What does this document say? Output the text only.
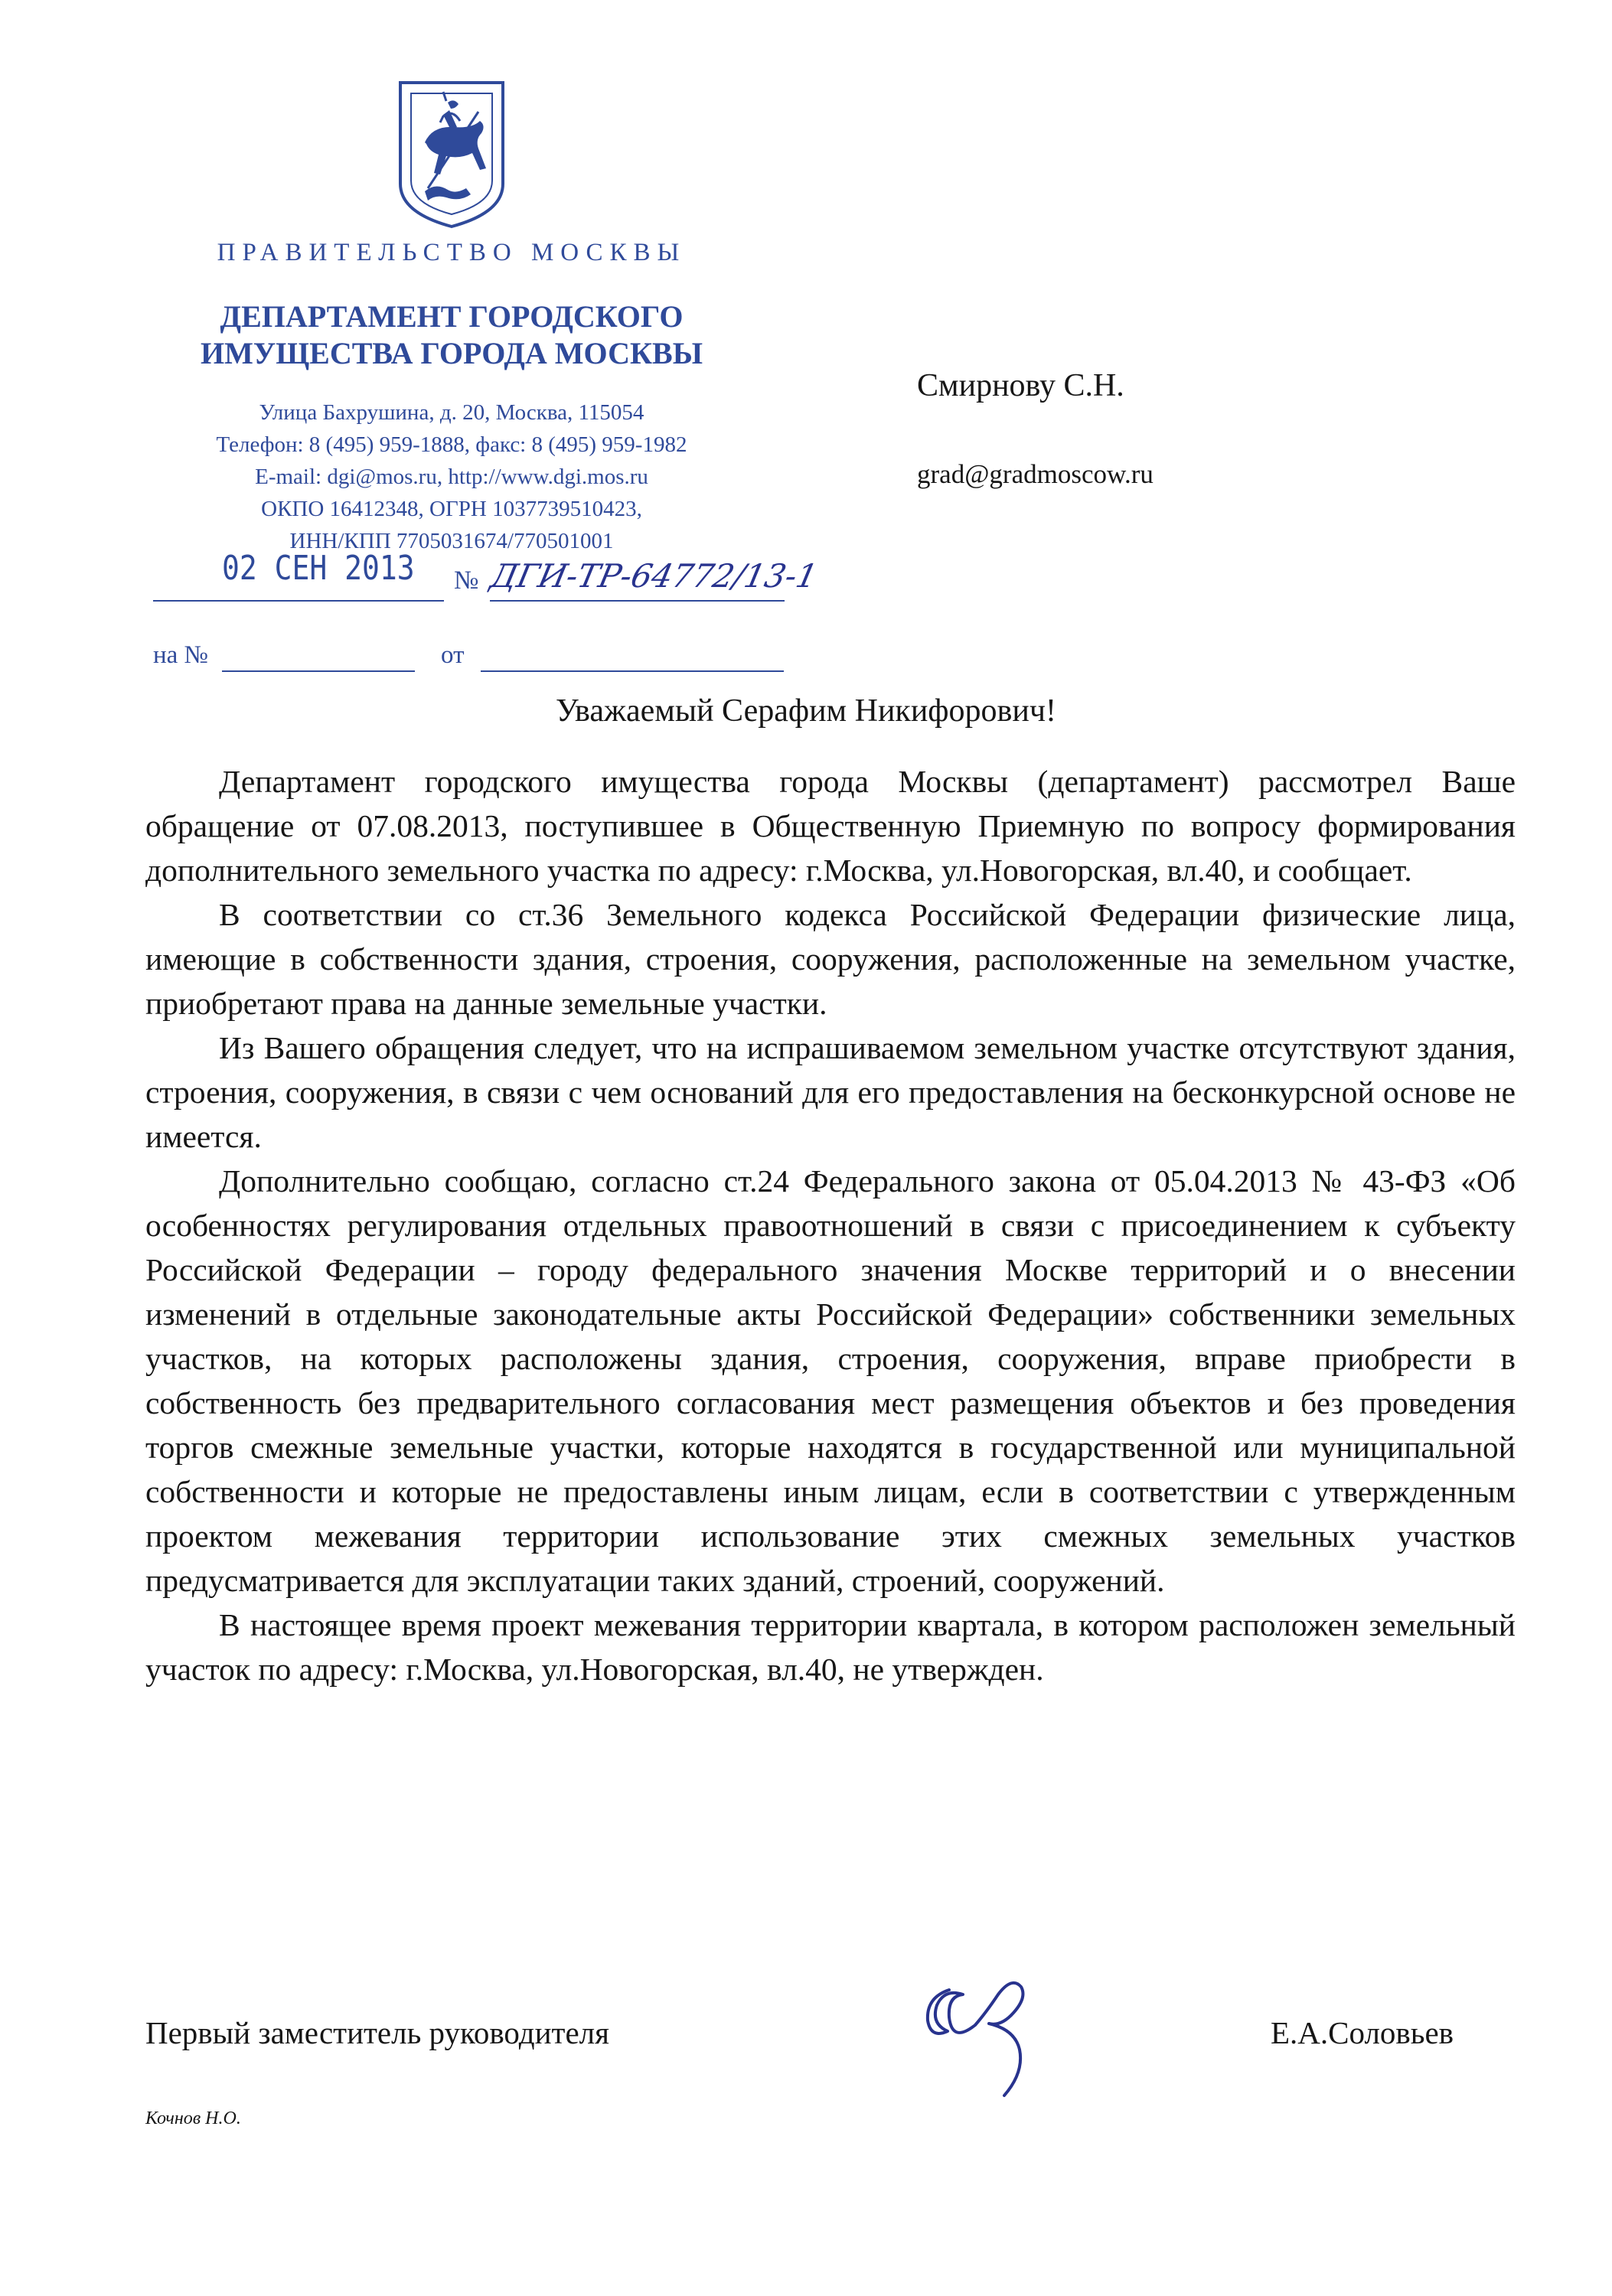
ПРАВИТЕЛЬСТВО МОСКВЫ
ДЕПАРТАМЕНТ ГОРОДСКОГО
ИМУЩЕСТВА ГОРОДА МОСКВЫ
Улица Бахрушина, д. 20, Москва, 115054
Телефон: 8 (495) 959-1888, факс: 8 (495) 959-1982
E-mail: dgi@mos.ru, http://www.dgi.mos.ru
ОКПО 16412348, ОГРН 1037739510423,
ИНН/КПП 7705031674/770501001
02 СЕН 2013 № ДГИ-ТР-64772/13-1
на №	от
Смирнову С.Н.
grad@gradmoscow.ru
Уважаемый Серафим Никифорович!

Департамент городского имущества города Москвы (департамент) рассмотрел Ваше обращение от 07.08.2013, поступившее в Общественную Приемную по вопросу формирования дополнительного земельного участка по адресу: г.Москва, ул.Новогорская, вл.40, и сообщает.

В соответствии со ст.36 Земельного кодекса Российской Федерации физические лица, имеющие в собственности здания, строения, сооружения, расположенные на земельном участке, приобретают права на данные земельные участки.

Из Вашего обращения следует, что на испрашиваемом земельном участке отсутствуют здания, строения, сооружения, в связи с чем оснований для его предоставления на бесконкурсной основе не имеется.

Дополнительно сообщаю, согласно ст.24 Федерального закона от 05.04.2013 № 43-ФЗ «Об особенностях регулирования отдельных правоотношений в связи с присоединением к субъекту Российской Федерации – городу федерального значения Москве территорий и о внесении изменений в отдельные законодательные акты Российской Федерации» собственники земельных участков, на которых расположены здания, строения, сооружения, вправе приобрести в собственность без предварительного согласования мест размещения объектов и без проведения торгов смежные земельные участки, которые находятся в государственной или муниципальной собственности и которые не предоставлены иным лицам, если в соответствии с утвержденным проектом межевания территории использование этих смежных земельных участков предусматривается для эксплуатации таких зданий, строений, сооружений.

В настоящее время проект межевания территории квартала, в котором расположен земельный участок по адресу: г.Москва, ул.Новогорская, вл.40, не утвержден.

Первый заместитель руководителя	Е.А.Соловьев
Кочнов Н.О.
